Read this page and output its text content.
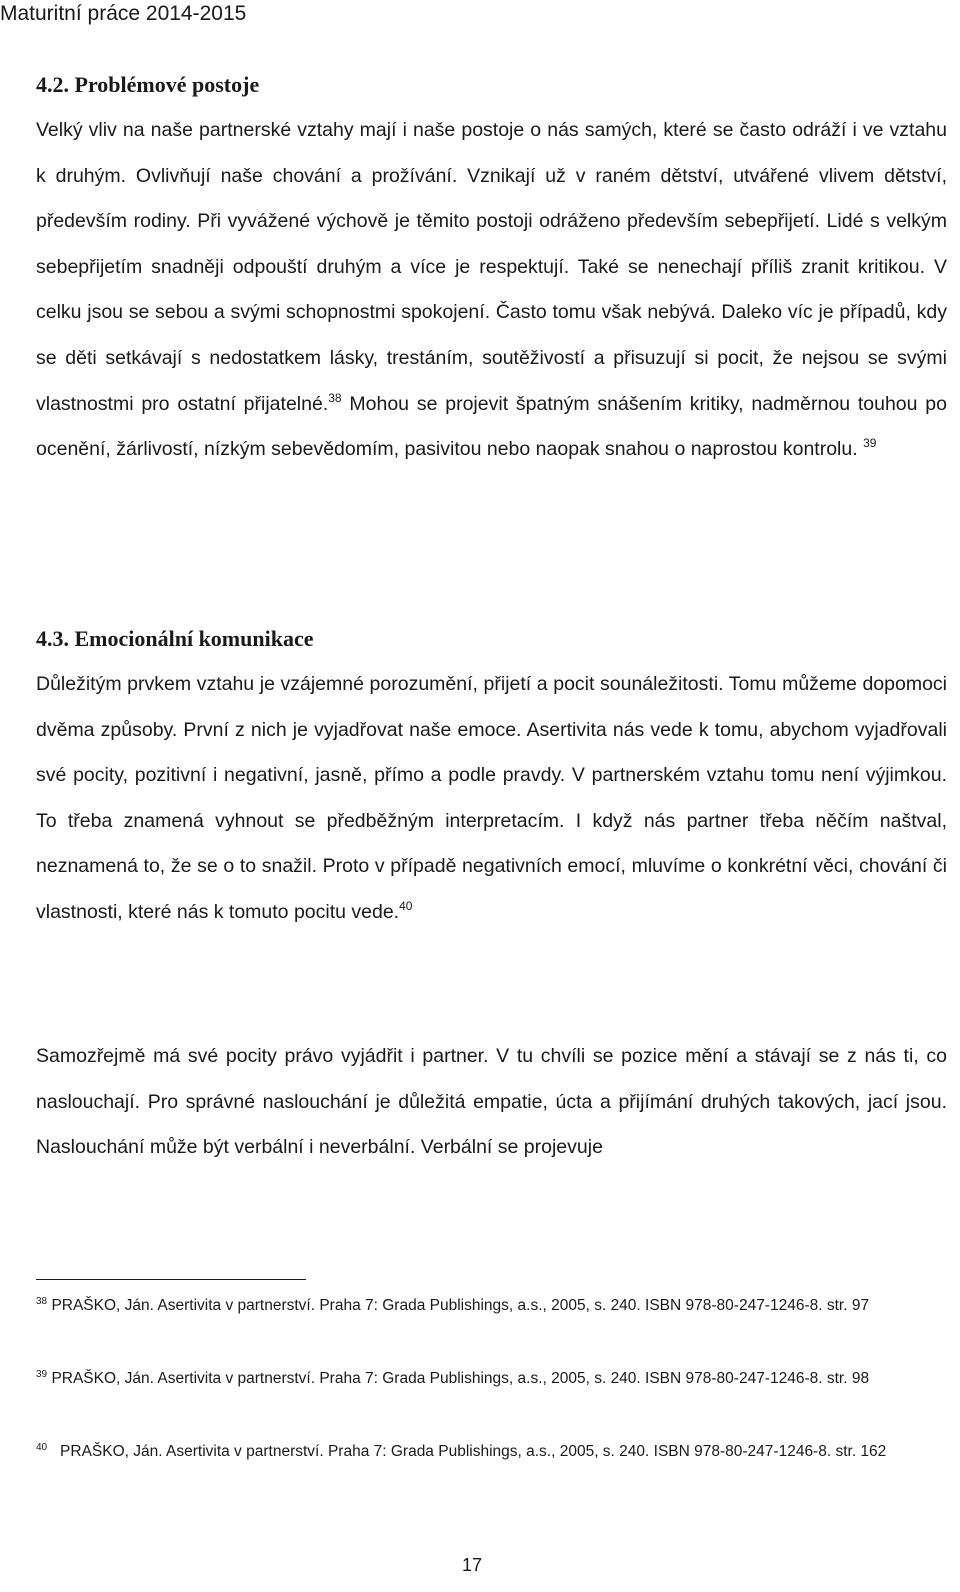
Maturitní práce 2014-2015
4.2. Problémové postoje

Velký vliv na naše partnerské vztahy mají i naše postoje o nás samých, které se často odráží i ve vztahu k druhým. Ovlivňují naše chování a prožívání. Vznikají už v raném dětství, utvářené vlivem dětství, především rodiny. Při vyvážené výchově je těmito postoji odráženo především sebepřijetí. Lidé s velkým sebepřijetím snadněji odpouští druhým a více je respektují. Také se nenechají příliš zranit kritikou. V celku jsou se sebou a svými schopnostmi spokojení. Často tomu však nebývá. Daleko víc je případů, kdy se děti setkávají s nedostatkem lásky, trestáním, soutěživostí a přisuzují si pocit, že nejsou se svými vlastnostmi pro ostatní přijatelné.$^{38}$ Mohou se projevit špatným snášením kritiky, nadměrnou touhou po ocenění, žárlivostí, nízkým sebevědomím, pasivitou nebo naopak snahou o naprostou kontrolu. $^{39}$

4.3. Emocionální komunikace

Důležitým prvkem vztahu je vzájemné porozumění, přijetí a pocit sounáležitosti. Tomu můžeme dopomoci dvěma způsoby. První z nich je vyjadřovat naše emoce. Asertivita nás vede k tomu, abychom vyjadřovali své pocity, pozitivní i negativní, jasně, přímo a podle pravdy. V partnerském vztahu tomu není výjimkou. To třeba znamená vyhnout se předběžným interpretacím. I když nás partner třeba něčím naštval, neznamená to, že se o to snažil. Proto v případě negativních emocí, mluvíme o konkrétní věci, chování či vlastnosti, které nás k tomuto pocitu vede.$^{40}$

Samozřejmě má své pocity právo vyjádřit i partner. V tu chvíli se pozice mění a stávají se z nás ti, co naslouchají. Pro správné naslouchání je důležitá empatie, úcta a přijímání druhých takových, jací jsou. Naslouchání může být verbální i neverbální. Verbální se projevuje

$^{38}$ PRAŠKO, Ján. Asertivita v partnerství. Praha 7: Grada Publishings, a.s., 2005, s. 240. ISBN 978-80-247-1246-8. str. 97
$^{39}$ PRAŠKO, Ján. Asertivita v partnerství. Praha 7: Grada Publishings, a.s., 2005, s. 240. ISBN 978-80-247-1246-8. str. 98
$^{40}$ PRAŠKO, Ján. Asertivita v partnerství. Praha 7: Grada Publishings, a.s., 2005, s. 240. ISBN 978-80-247-1246-8. str. 162
17
